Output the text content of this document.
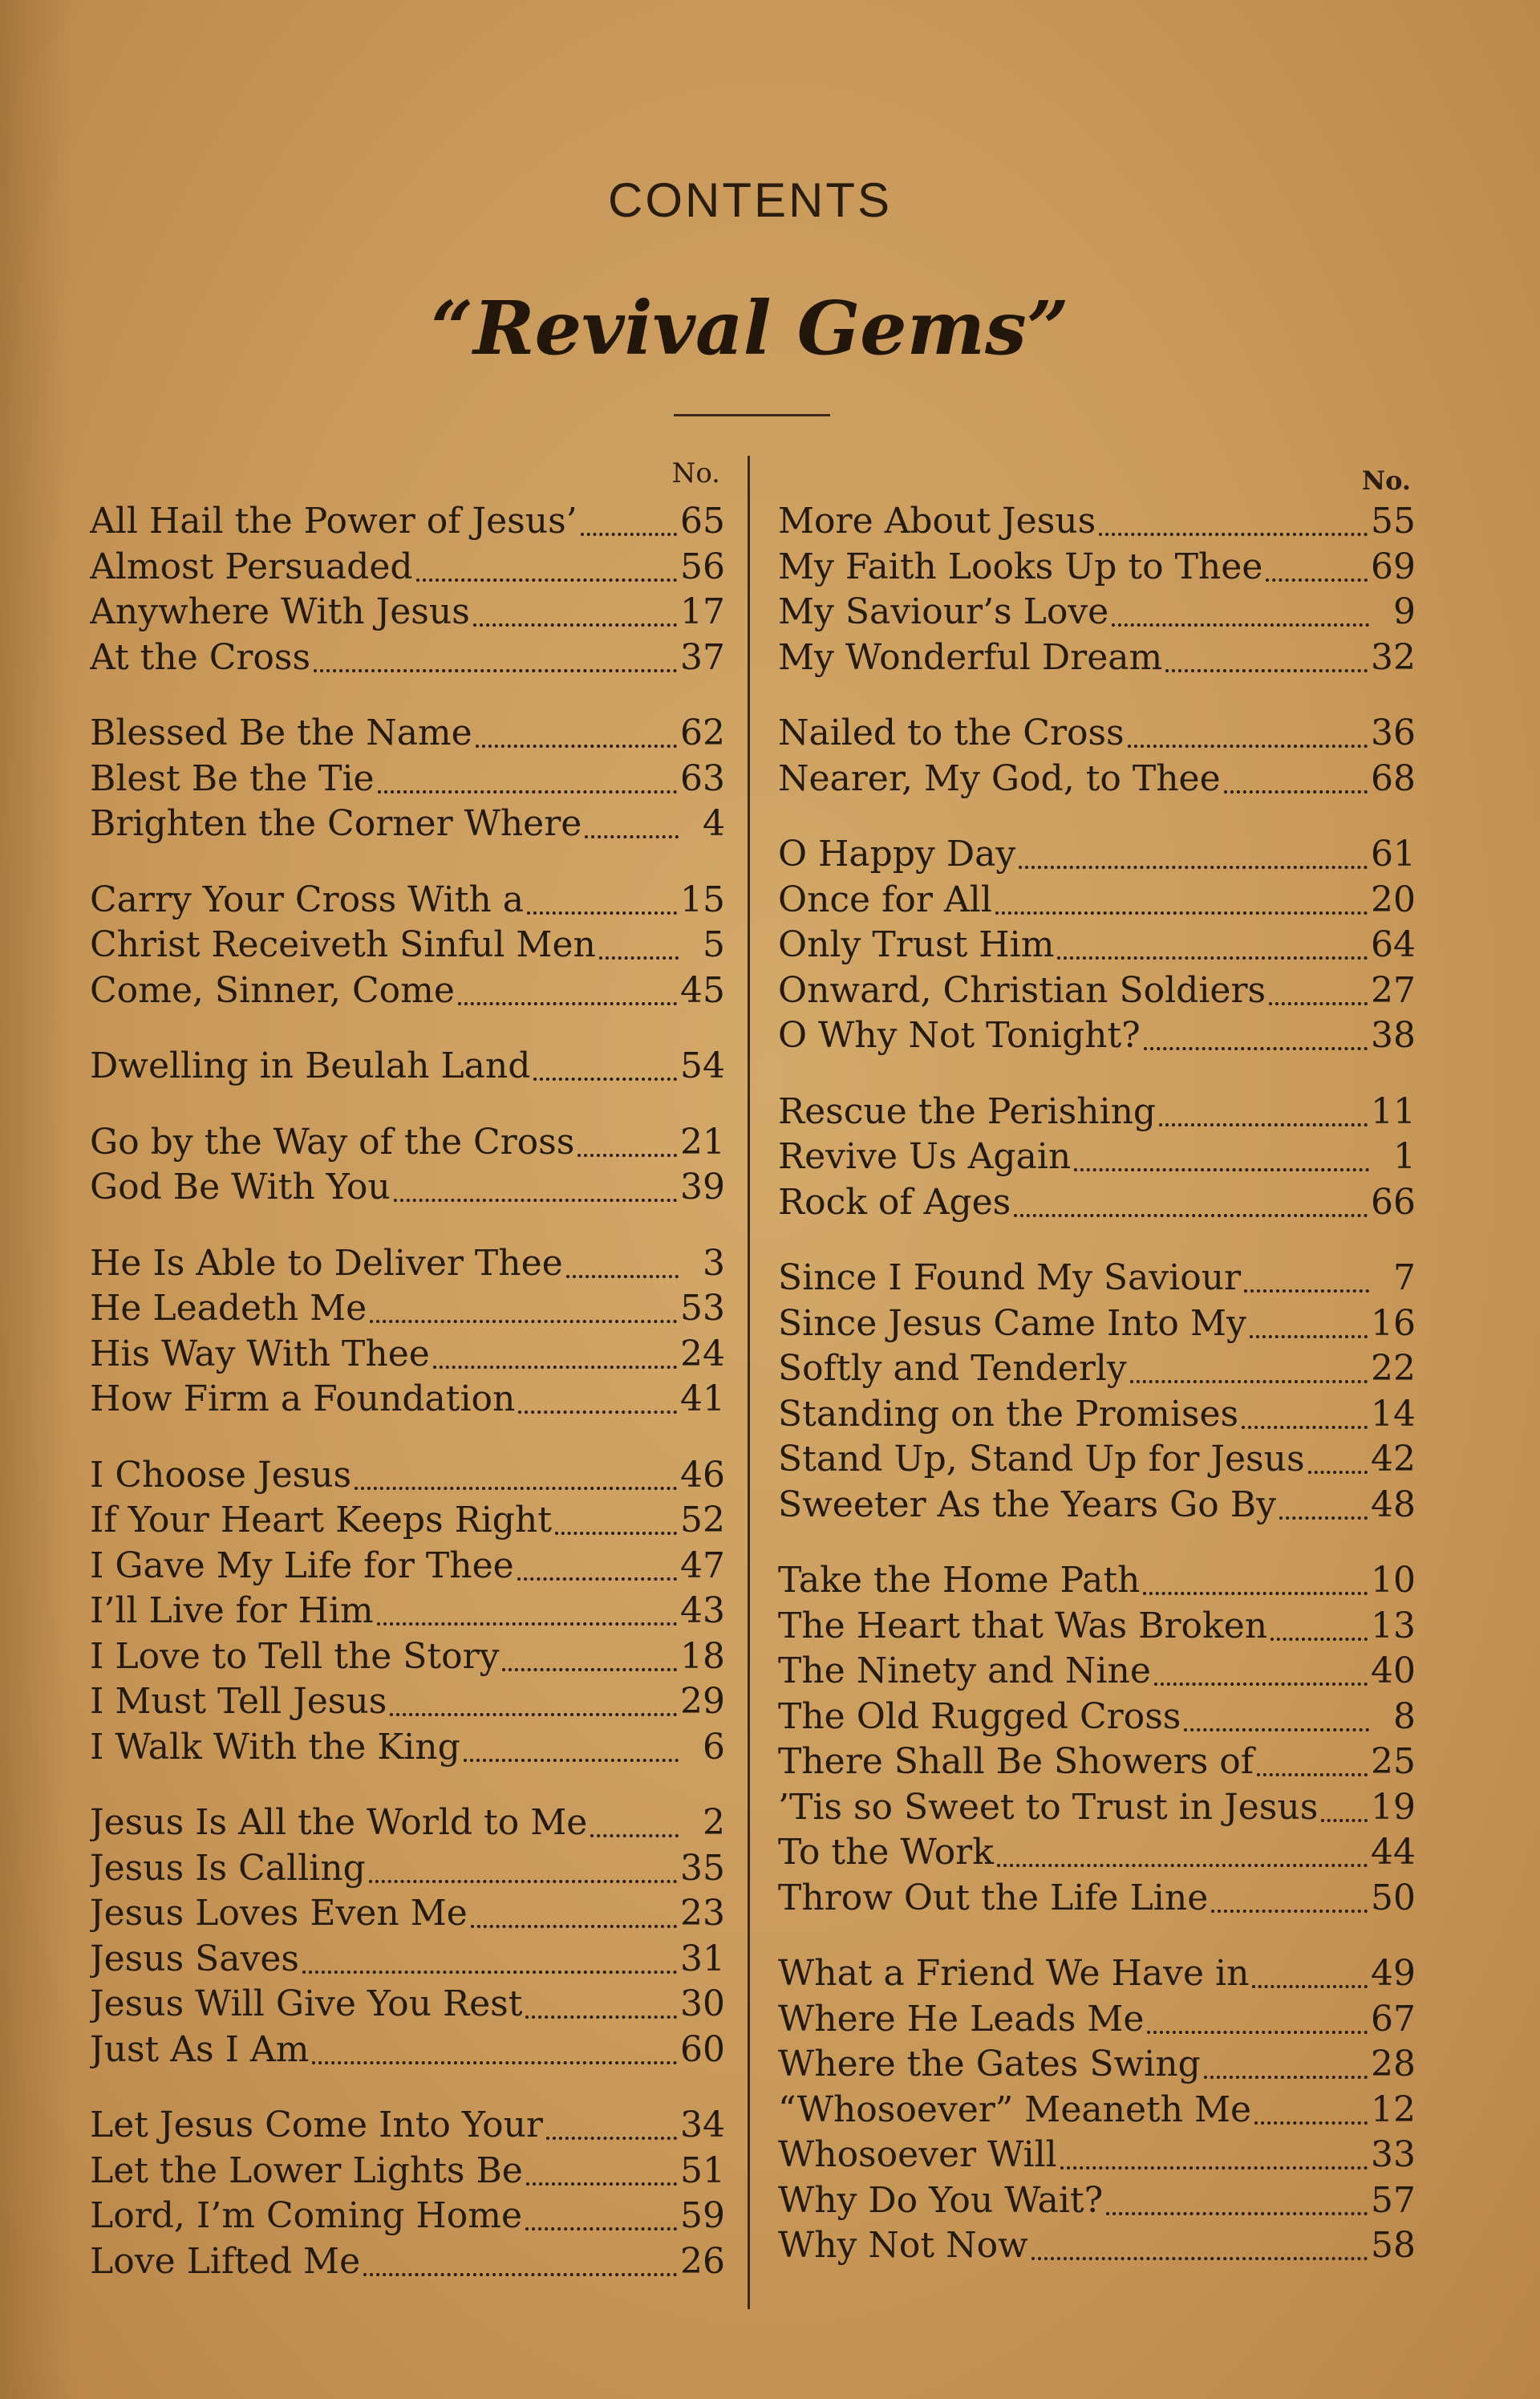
CONTENTS
“Revival Gems”
No.
All Hail the Power of Jesus’	65
Almost Persuaded	56
Anywhere With Jesus	17
At the Cross	37
Blessed Be the Name	62
Blest Be the Tie	63
Brighten the Corner Where	4
Carry Your Cross With a	15
Christ Receiveth Sinful Men	5
Come, Sinner, Come	45
Dwelling in Beulah Land	54
Go by the Way of the Cross	21
God Be With You	39
He Is Able to Deliver Thee	3
He Leadeth Me	53
His Way With Thee	24
How Firm a Foundation	41
I Choose Jesus	46
If Your Heart Keeps Right	52
I Gave My Life for Thee	47
I’ll Live for Him	43
I Love to Tell the Story	18
I Must Tell Jesus	29
I Walk With the King	6
Jesus Is All the World to Me	2
Jesus Is Calling	35
Jesus Loves Even Me	23
Jesus Saves	31
Jesus Will Give You Rest	30
Just As I Am	60
Let Jesus Come Into Your	34
Let the Lower Lights Be	51
Lord, I’m Coming Home	59
Love Lifted Me	26
No.
More About Jesus	55
My Faith Looks Up to Thee	69
My Saviour’s Love	9
My Wonderful Dream	32
Nailed to the Cross	36
Nearer, My God, to Thee	68
O Happy Day	61
Once for All	20
Only Trust Him	64
Onward, Christian Soldiers	27
O Why Not Tonight?	38
Rescue the Perishing	11
Revive Us Again	1
Rock of Ages	66
Since I Found My Saviour	7
Since Jesus Came Into My	16
Softly and Tenderly	22
Standing on the Promises	14
Stand Up, Stand Up for Jesus 42
Sweeter As the Years Go By	48
Take the Home Path	10
The Heart that Was Broken	13
The Ninety and Nine	40
The Old Rugged Cross	8
There Shall Be Showers of	25
’Tis so Sweet to Trust in Jesus 19
To the Work	44
Throw Out the Life Line	50
What a Friend We Have in	49
Where He Leads Me	67
Where the Gates Swing	28
“Whosoever” Meaneth Me	12
Whosoever Will	33
Why Do You Wait?	57
Why Not Now	58
